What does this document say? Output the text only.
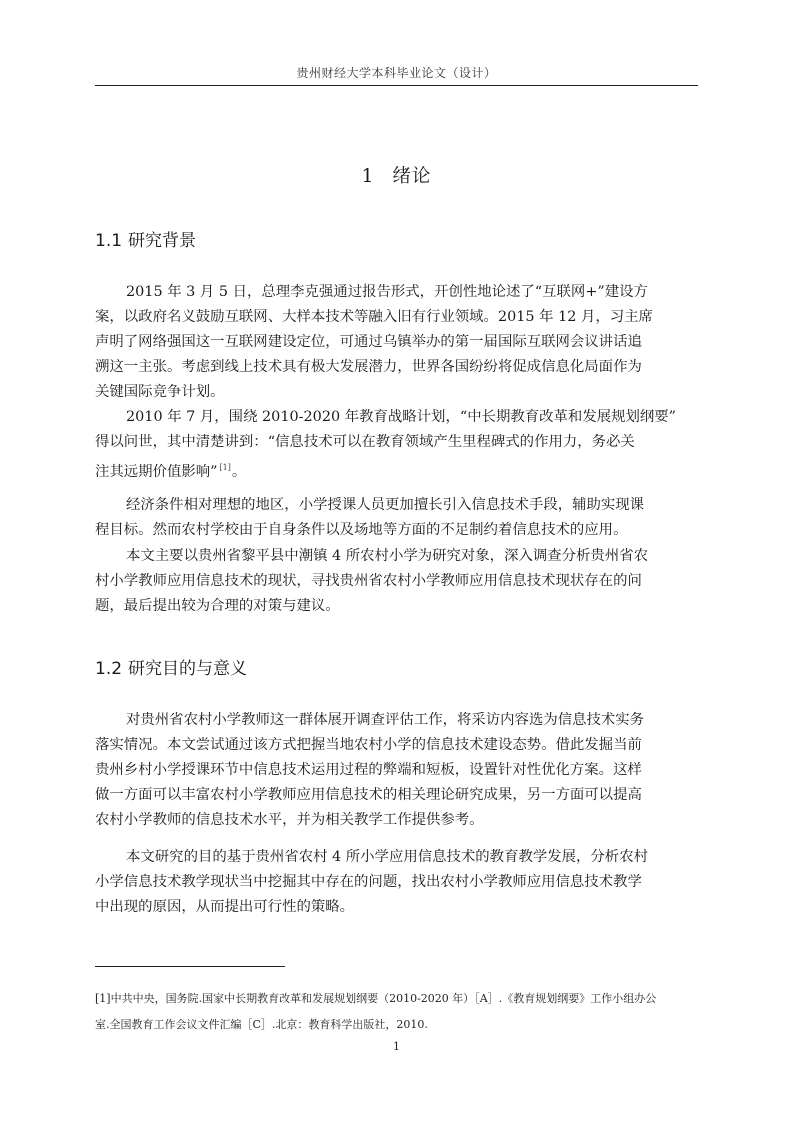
贵州财经大学本科毕业论文（设计）
1 绪论
1.1 研究背景

2015 年 3 月 5 日，总理李克强通过报告形式，开创性地论述了“互联网+”建设方
案，以政府名义鼓励互联网、大样本技术等融入旧有行业领域。2015 年 12 月，习主席
声明了网络强国这一互联网建设定位，可通过乌镇举办的第一届国际互联网会议讲话追
溯这一主张。考虑到线上技术具有极大发展潜力，世界各国纷纷将促成信息化局面作为
关键国际竞争计划。

2010 年 7 月，围绕 2010-2020 年教育战略计划，“中长期教育改革和发展规划纲要”
得以问世，其中清楚讲到：“信息技术可以在教育领域产生里程碑式的作用力，务必关
注其远期价值影响” [1]。

经济条件相对理想的地区，小学授课人员更加擅长引入信息技术手段，辅助实现课
程目标。然而农村学校由于自身条件以及场地等方面的不足制约着信息技术的应用。

本文主要以贵州省黎平县中潮镇 4 所农村小学为研究对象，深入调查分析贵州省农
村小学教师应用信息技术的现状，寻找贵州省农村小学教师应用信息技术现状存在的问
题，最后提出较为合理的对策与建议。

1.2 研究目的与意义

对贵州省农村小学教师这一群体展开调查评估工作，将采访内容选为信息技术实务
落实情况。本文尝试通过该方式把握当地农村小学的信息技术建设态势。借此发掘当前
贵州乡村小学授课环节中信息技术运用过程的弊端和短板，设置针对性优化方案。这样
做一方面可以丰富农村小学教师应用信息技术的相关理论研究成果，另一方面可以提高
农村小学教师的信息技术水平，并为相关教学工作提供参考。

本文研究的目的基于贵州省农村 4 所小学应用信息技术的教育教学发展，分析农村
小学信息技术教学现状当中挖掘其中存在的问题，找出农村小学教师应用信息技术教学
中出现的原因，从而提出可行性的策略。

[1]中共中央，国务院.国家中长期教育改革和发展规划纲要（2010-2020 年）［A］.《教育规划纲要》工作小组办公
室.全国教育工作会议文件汇编［C］.北京：教育科学出版社，2010.
1
